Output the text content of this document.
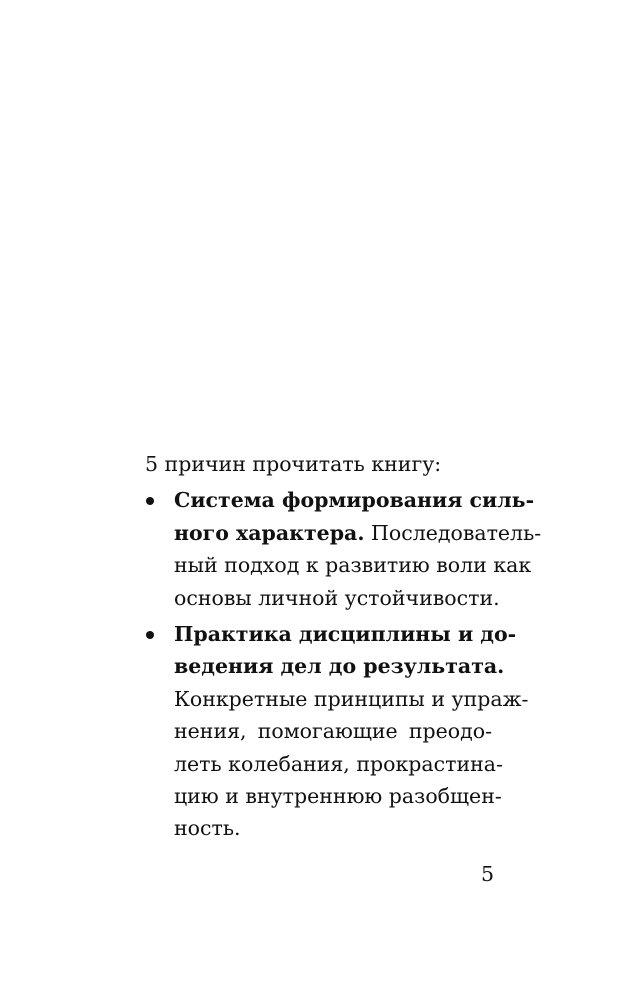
5 причин прочитать книгу:

Система формирования силь-
ного характера. Последователь-
ный подход к развитию воли как
основы личной устойчивости.
Практика дисциплины и до-
ведения дел до результата.
Конкретные принципы и упраж-
нения, помогающие преодо-
леть колебания, прокрастина-
цию и внутреннюю разобщен-
ность.
5
